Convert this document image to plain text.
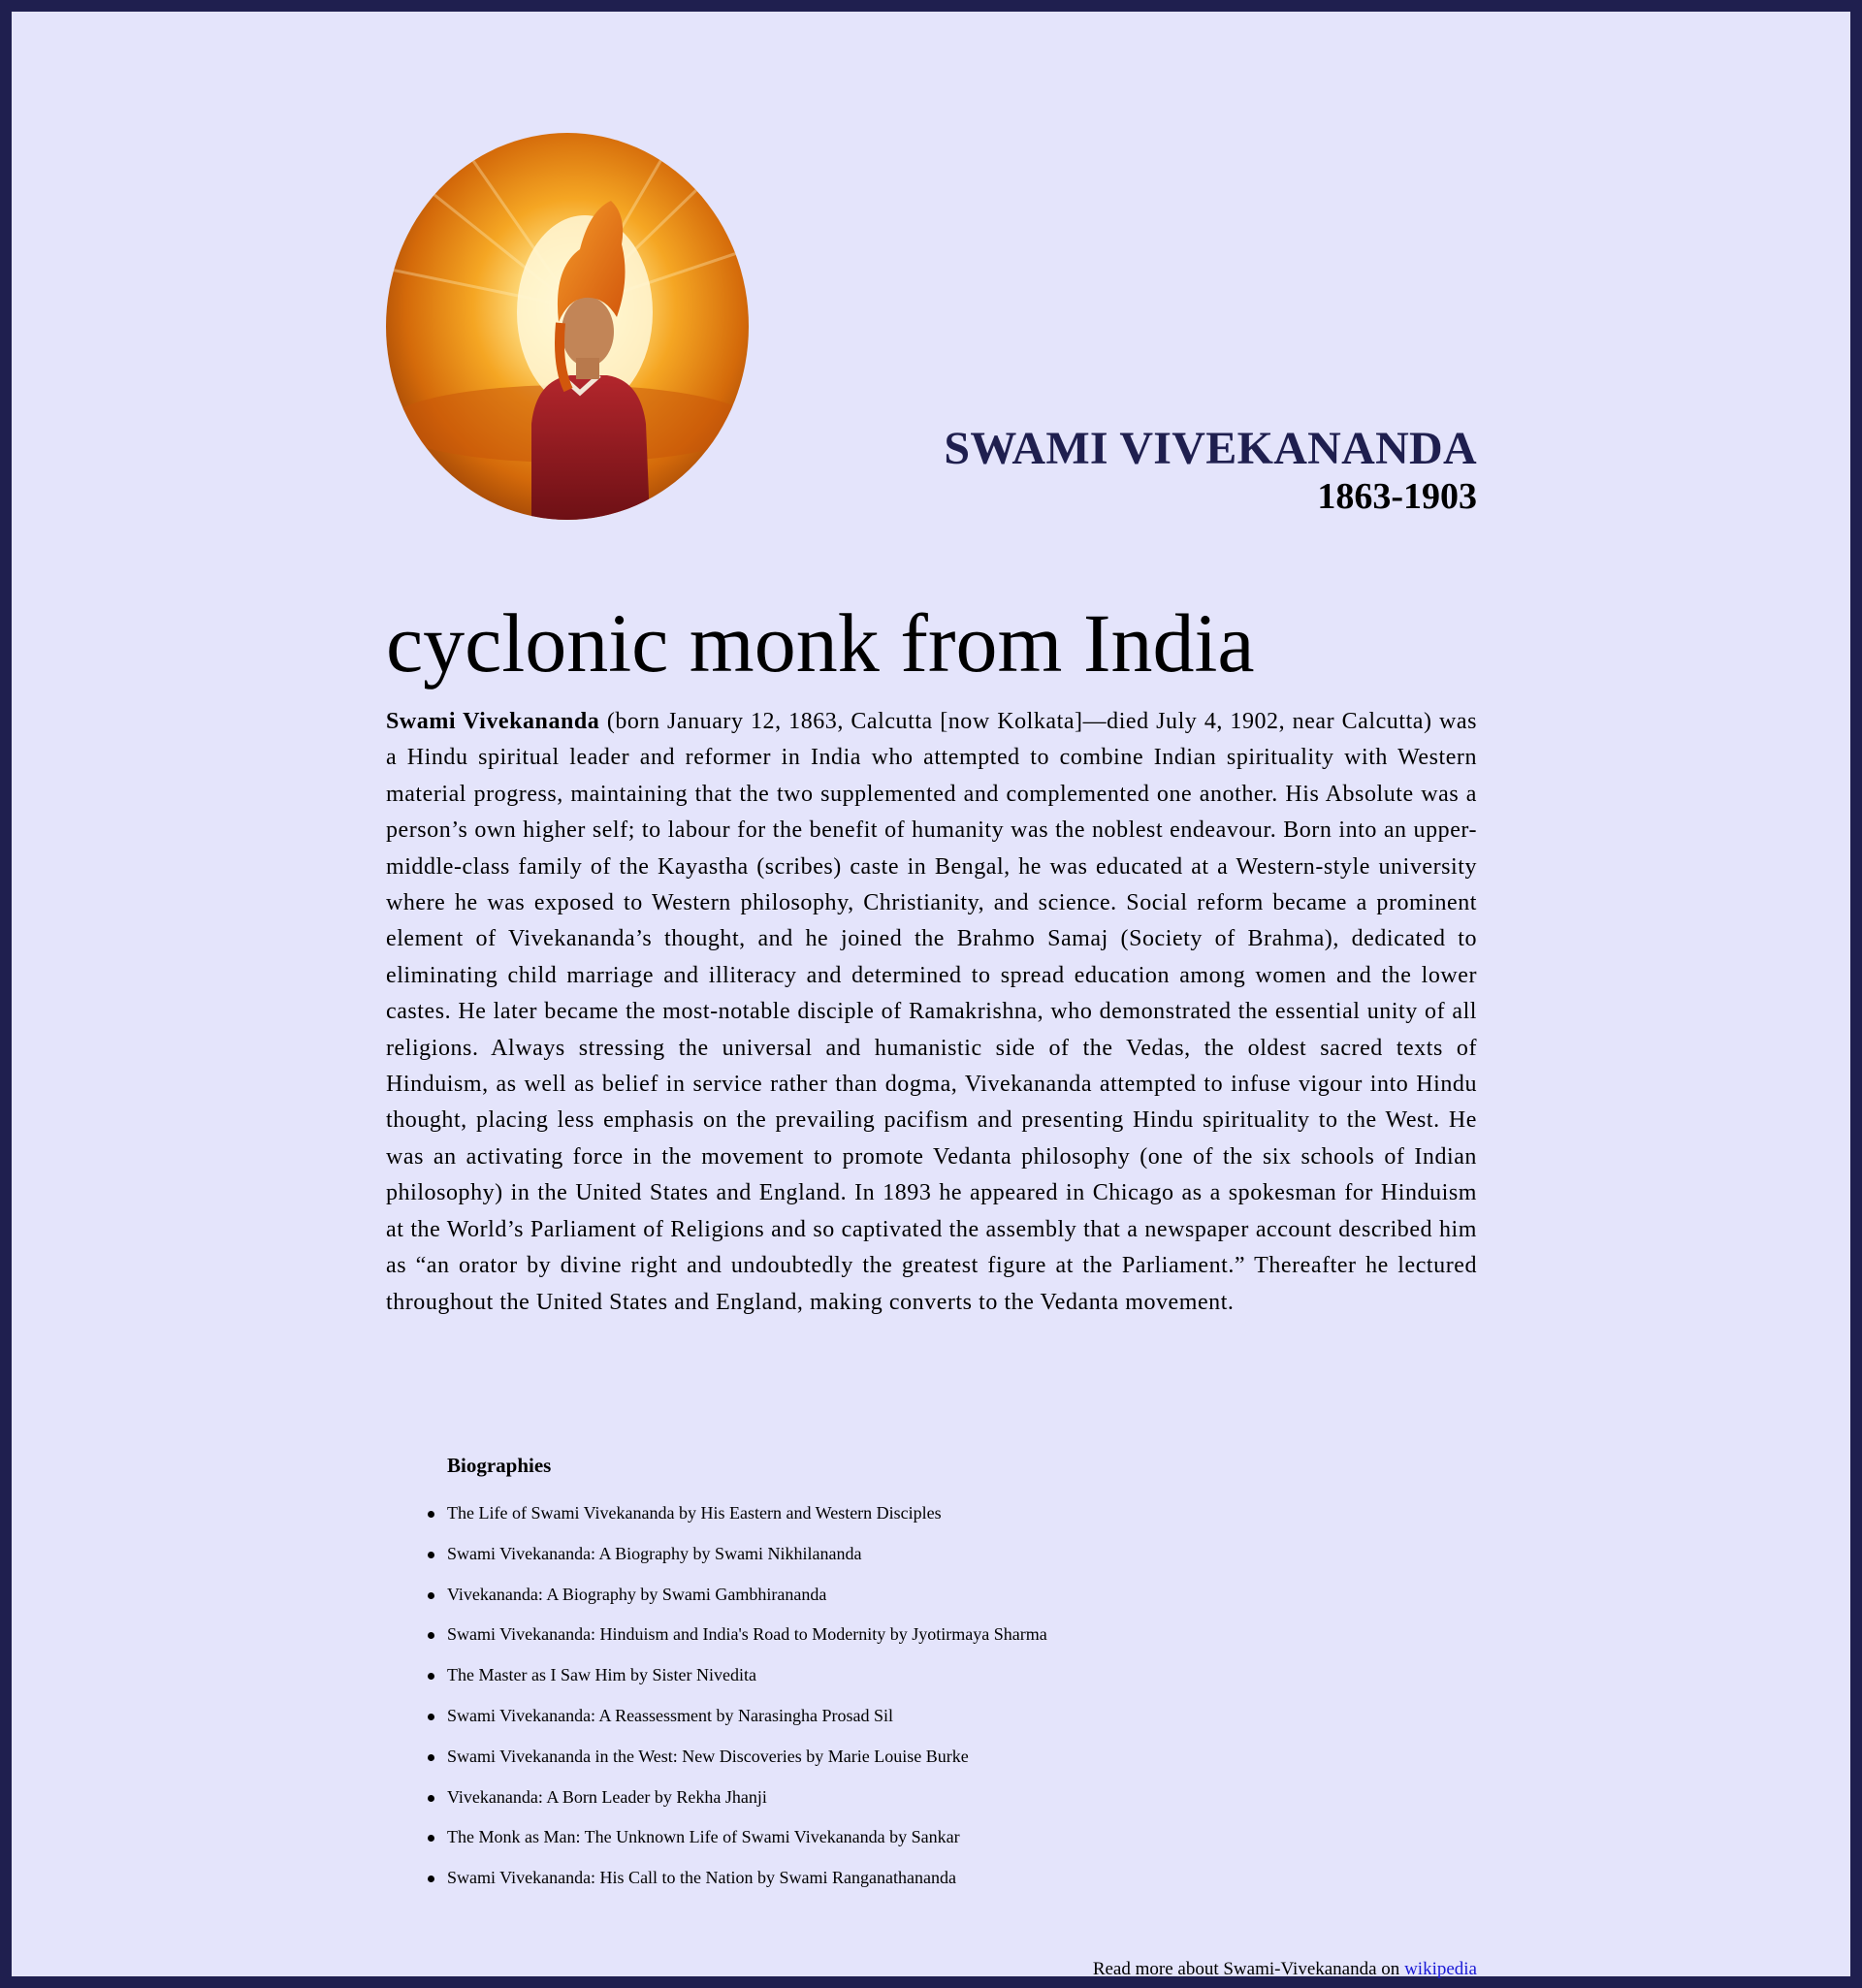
SWAMI VIVEKANANDA
1863-1903
cyclonic monk from India

Swami Vivekananda (born January 12, 1863, Calcutta [now Kolkata]—died July 4, 1902, near Calcutta) was a Hindu spiritual leader and reformer in India who attempted to combine Indian spirituality with Western material progress, maintaining that the two supplemented and complemented one another. His Absolute was a person’s own higher self; to labour for the benefit of humanity was the noblest endeavour. Born into an upper-middle-class family of the Kayastha (scribes) caste in Bengal, he was educated at a Western-style university where he was exposed to Western philosophy, Christianity, and science. Social reform became a prominent element of Vivekananda’s thought, and he joined the Brahmo Samaj (Society of Brahma), dedicated to eliminating child marriage and illiteracy and determined to spread education among women and the lower castes. He later became the most-notable disciple of Ramakrishna, who demonstrated the essential unity of all religions. Always stressing the universal and humanistic side of the Vedas, the oldest sacred texts of Hinduism, as well as belief in service rather than dogma, Vivekananda attempted to infuse vigour into Hindu thought, placing less emphasis on the prevailing pacifism and presenting Hindu spirituality to the West. He was an activating force in the movement to promote Vedanta philosophy (one of the six schools of Indian philosophy) in the United States and England. In 1893 he appeared in Chicago as a spokesman for Hinduism at the World’s Parliament of Religions and so captivated the assembly that a newspaper account described him as “an orator by divine right and undoubtedly the greatest figure at the Parliament.” Thereafter he lectured throughout the United States and England, making converts to the Vedanta movement.

Biographies
The Life of Swami Vivekananda by His Eastern and Western Disciples
Swami Vivekananda: A Biography by Swami Nikhilananda
Vivekananda: A Biography by Swami Gambhirananda
Swami Vivekananda: Hinduism and India's Road to Modernity by Jyotirmaya Sharma
The Master as I Saw Him by Sister Nivedita
Swami Vivekananda: A Reassessment by Narasingha Prosad Sil
Swami Vivekananda in the West: New Discoveries by Marie Louise Burke
Vivekananda: A Born Leader by Rekha Jhanji
The Monk as Man: The Unknown Life of Swami Vivekananda by Sankar
Swami Vivekananda: His Call to the Nation by Swami Ranganathananda
Read more about Swami-Vivekananda on wikipedia
